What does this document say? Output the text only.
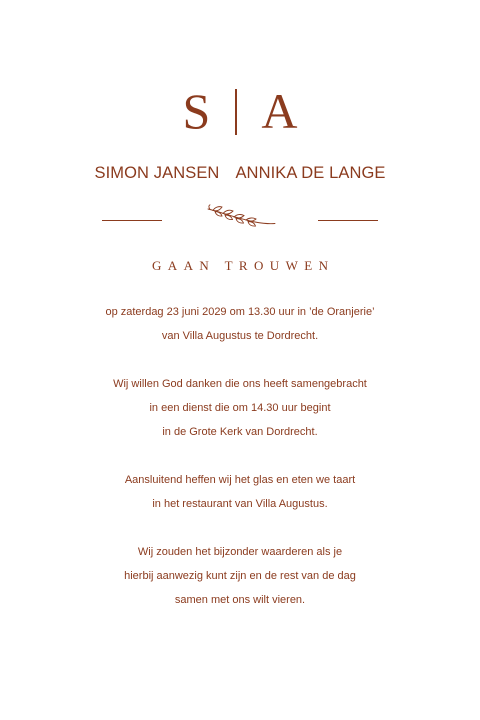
S A
SIMON JANSEN ANNIKA DE LANGE
GAAN TROUWEN
op zaterdag 23 juni 2029 om 13.30 uur in ’de Oranjerie’
van Villa Augustus te Dordrecht.
Wij willen God danken die ons heeft samengebracht
in een dienst die om 14.30 uur begint
in de Grote Kerk van Dordrecht.
Aansluitend heffen wij het glas en eten we taart
in het restaurant van Villa Augustus.
Wij zouden het bijzonder waarderen als je
hierbij aanwezig kunt zijn en de rest van de dag
samen met ons wilt vieren.
